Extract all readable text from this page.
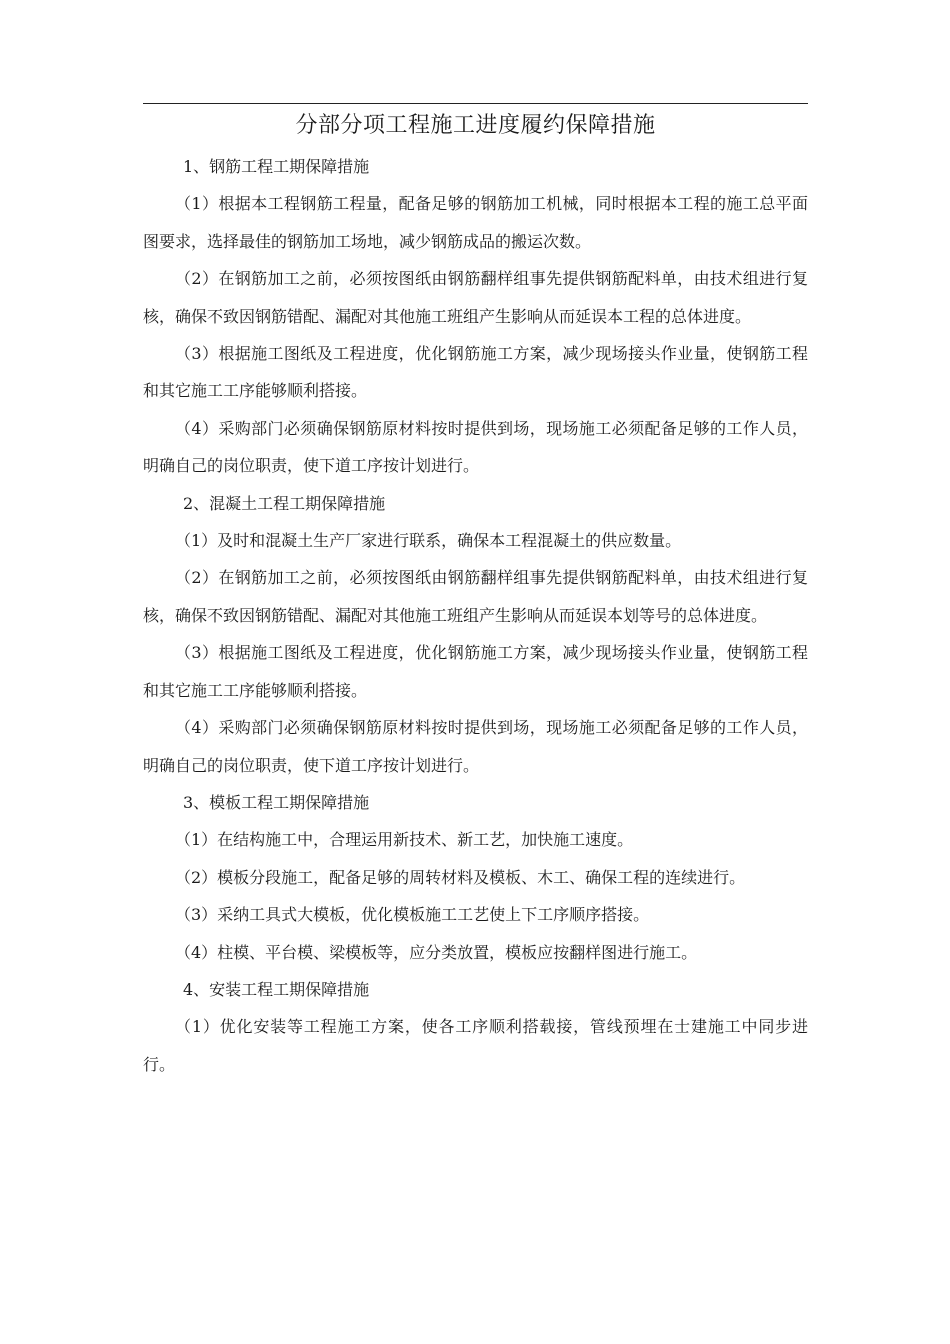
分部分项工程施工进度履约保障措施

1、钢筋工程工期保障措施

（1）根据本工程钢筋工程量，配备足够的钢筋加工机械，同时根据本工程的施工总平面图要求，选择最佳的钢筋加工场地，减少钢筋成品的搬运次数。

（2）在钢筋加工之前，必须按图纸由钢筋翻样组事先提供钢筋配料单，由技术组进行复核，确保不致因钢筋错配、漏配对其他施工班组产生影响从而延误本工程的总体进度。

（3）根据施工图纸及工程进度，优化钢筋施工方案，减少现场接头作业量，使钢筋工程和其它施工工序能够顺利搭接。

（4）采购部门必须确保钢筋原材料按时提供到场，现场施工必须配备足够的工作人员，明确自己的岗位职责，使下道工序按计划进行。

2、混凝土工程工期保障措施

（1）及时和混凝土生产厂家进行联系，确保本工程混凝土的供应数量。

（2）在钢筋加工之前，必须按图纸由钢筋翻样组事先提供钢筋配料单，由技术组进行复核，确保不致因钢筋错配、漏配对其他施工班组产生影响从而延误本划等号的总体进度。

（3）根据施工图纸及工程进度，优化钢筋施工方案，减少现场接头作业量，使钢筋工程和其它施工工序能够顺利搭接。

（4）采购部门必须确保钢筋原材料按时提供到场，现场施工必须配备足够的工作人员，明确自己的岗位职责，使下道工序按计划进行。

3、模板工程工期保障措施

（1）在结构施工中，合理运用新技术、新工艺，加快施工速度。

（2）模板分段施工，配备足够的周转材料及模板、木工、确保工程的连续进行。

（3）采纳工具式大模板，优化模板施工工艺使上下工序顺序搭接。

（4）柱模、平台模、梁模板等，应分类放置，模板应按翻样图进行施工。

4、安装工程工期保障措施

（1）优化安装等工程施工方案，使各工序顺利搭载接，管线预埋在士建施工中同步进行。
